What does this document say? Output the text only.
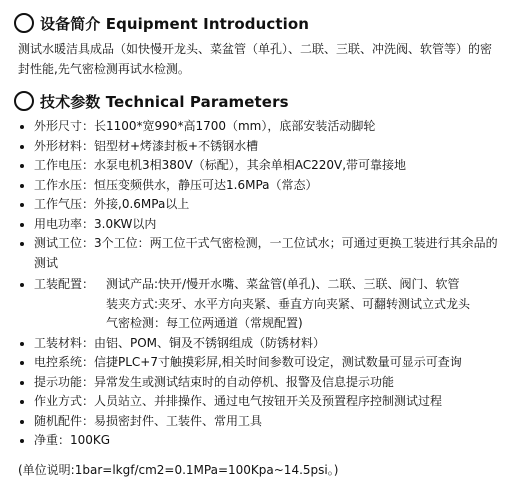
设备简介 Equipment Introduction
测试水暖洁具成品（如快慢开龙头、菜盆管（单孔）、二联、三联、冲洗阀、软管等）的密封性能,先气密检测再试水检测。
技术参数 Technical Parameters
外形尺寸：长1100*宽990*高1700（mm），底部安装活动脚轮
外形材料：铝型材+烤漆封板+不锈钢水槽
工作电压：水泵电机3相380V（标配），其余单相AC220V,带可靠接地
工作水压：恒压变频供水，静压可达1.6MPa（常态）
工作气压：外接,0.6MPa以上
用电功率：3.0KW以内
测试工位：3个工位：两工位干式气密检测，一工位试水；可通过更换工装进行其余品的测试
工装配置： 测试产品:快开/慢开水嘴、菜盆管(单孔)、二联、三联、阀门、软管
装夹方式:夹牙、水平方向夹紧、垂直方向夹紧、可翻转测试立式龙头
气密检测：每工位两通道（常规配置)
工装材料：由铝、POM、铜及不锈钢组成（防锈材料）
电控系统：信捷PLC+7寸触摸彩屏,相关时间参数可设定，测试数量可显示可查询
提示功能：异常发生或测试结束时的自动停机、报警及信息提示功能
作业方式：人员站立、并排操作、通过电气按钮开关及预置程序控制测试过程
随机配件：易损密封件、工装件、常用工具
净重：100KG
(单位说明:1bar=lkgf/cm2=0.1MPa=100Kpa~14.5psi。)
